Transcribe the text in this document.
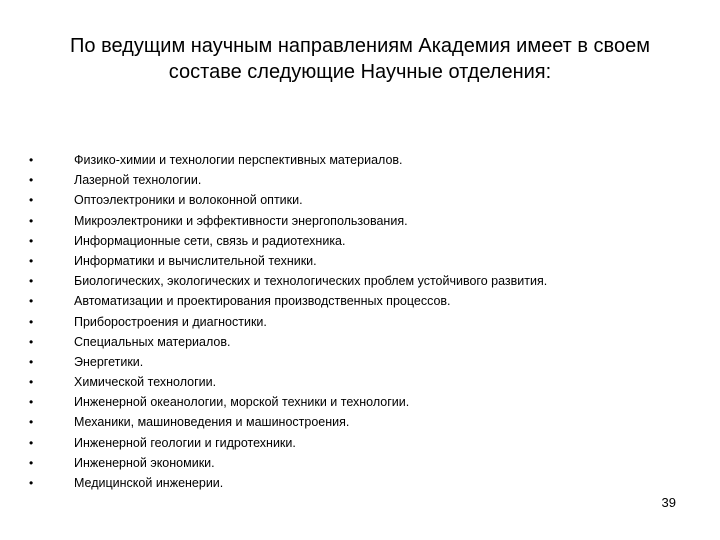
По ведущим научным направлениям Академия имеет в своем
составе следующие Научные отделения:
•	Физико-химии и технологии перспективных материалов.
•	Лазерной технологии.
•	Оптоэлектроники и волоконной оптики.
•	Микроэлектроники и эффективности энергопользования.
•	Информационные сети, связь и радиотехника.
•	Информатики и вычислительной техники.
•	Биологических, экологических и технологических проблем устойчивого развития.
•	Автоматизации и проектирования производственных процессов.
•	Приборостроения и диагностики.
•	Специальных материалов.
•	Энергетики.
•	Химической технологии.
•	Инженерной океанологии, морской техники и технологии.
•	Механики, машиноведения и машиностроения.
•	Инженерной геологии и гидротехники.
•	Инженерной экономики.
•	Медицинской инженерии.
39
